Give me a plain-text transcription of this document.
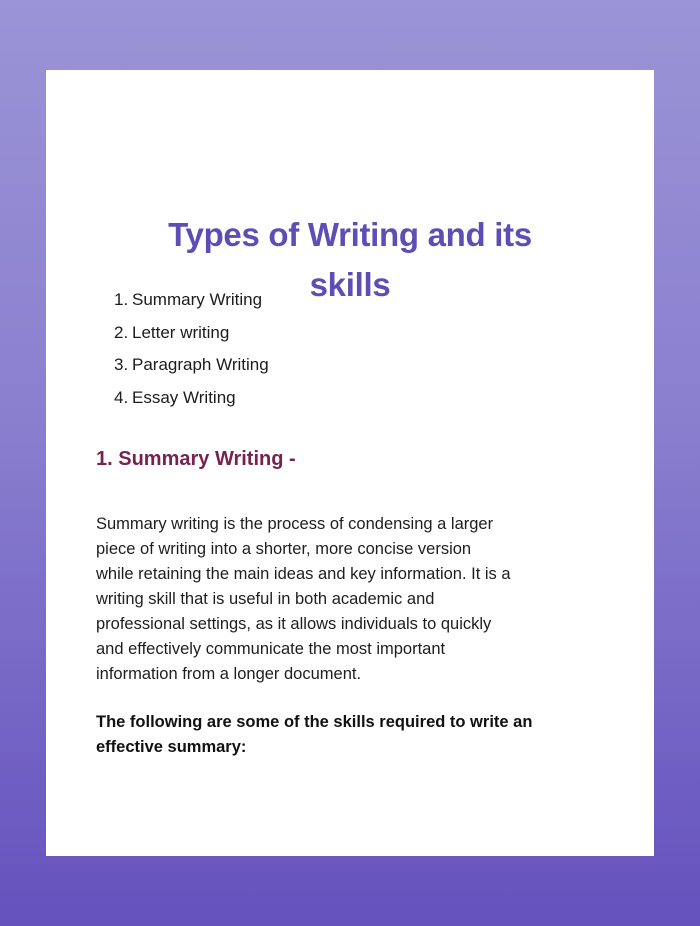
Types of Writing and its
skills
1. Summary Writing
2. Letter writing
3. Paragraph Writing
4. Essay Writing
1. Summary Writing -
Summary writing is the process of condensing a larger
piece of writing into a shorter, more concise version
while retaining the main ideas and key information. It is a
writing skill that is useful in both academic and
professional settings, as it allows individuals to quickly
and effectively communicate the most important
information from a longer document.
The following are some of the skills required to write an
effective summary:
